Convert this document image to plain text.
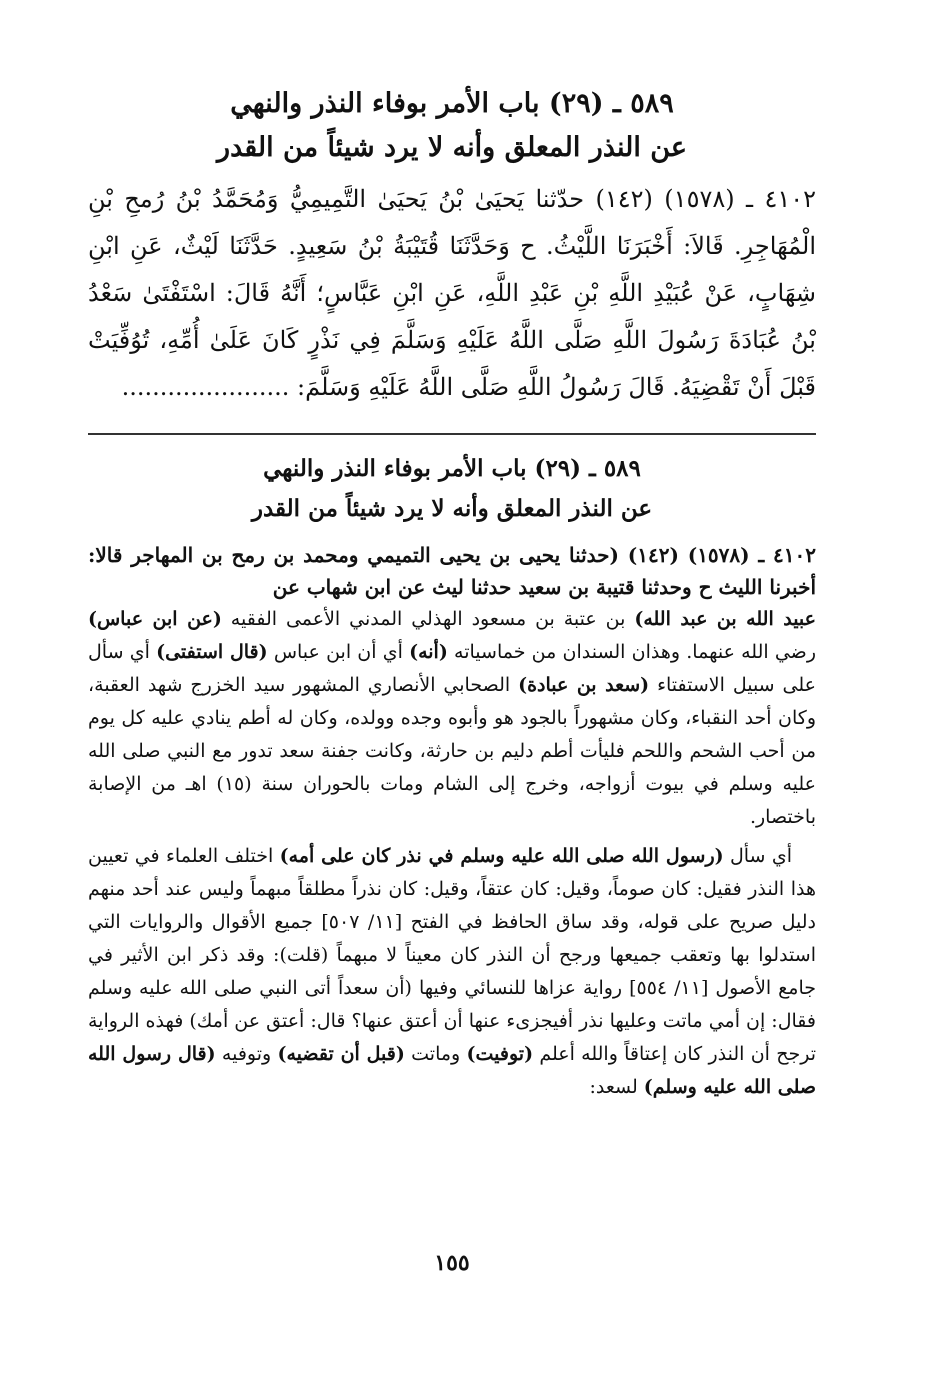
٥٨٩ ـ (٢٩) باب الأمر بوفاء النذر والنهي
عن النذر المعلق وأنه لا يرد شيئاً من القدر
٤١٠٢ ـ (١٥٧٨) (١٤٢) حدّثنا يَحيَىٰ بْنُ يَحيَىٰ التَّمِيمِيُّ وَمُحَمَّدُ بْنُ رُمحِ بْنِ الْمُهَاجِرِ. قَالاَ: أَخْبَرَنَا اللَّيْثُ. ح وَحَدَّثَنَا قُتَيْبَةُ بْنُ سَعِيدٍ. حَدَّثَنَا لَيْثٌ، عَنِ ابْنِ شِهَابٍ، عَنْ عُبَيْدِ اللَّهِ بْنِ عَبْدِ اللَّهِ، عَنِ ابْنِ عَبَّاسٍ؛ أَنَّهُ قَالَ: اسْتَفْتَىٰ سَعْدُ بْنُ عُبَادَةَ رَسُولَ اللَّهِ صَلَّى اللَّهُ عَلَيْهِ وَسَلَّمَ فِي نَذْرٍ كَانَ عَلَىٰ أُمِّهِ، تُوُفِّيَتْ قَبْلَ أَنْ تَقْضِيَهُ. قَالَ رَسُولُ اللَّهِ صَلَّى اللَّهُ عَلَيْهِ وَسَلَّمَ: ......................
٥٨٩ ـ (٢٩) باب الأمر بوفاء النذر والنهي
عن النذر المعلق وأنه لا يرد شيئاً من القدر
٤١٠٢ ـ (١٥٧٨) (١٤٢) (حدثنا يحيى بن يحيى التميمي ومحمد بن رمح بن المهاجر قالا: أخبرنا الليث ح وحدثنا قتيبة بن سعيد حدثنا ليث عن ابن شهاب عن
عبيد الله بن عبد الله) بن عتبة بن مسعود الهذلي المدني الأعمى الفقيه (عن ابن عباس) رضي الله عنهما. وهذان السندان من خماسياته (أنه) أي أن ابن عباس (قال استفتى) أي سأل على سبيل الاستفتاء (سعد بن عبادة) الصحابي الأنصاري المشهور سيد الخزرج شهد العقبة، وكان أحد النقباء، وكان مشهوراً بالجود هو وأبوه وجده وولده، وكان له أطم ينادي عليه كل يوم من أحب الشحم واللحم فليأت أطم دليم بن حارثة، وكانت جفنة سعد تدور مع النبي صلى الله عليه وسلم في بيوت أزواجه، وخرج إلى الشام ومات بالحوران سنة (١٥) اهـ من الإصابة باختصار.
أي سأل (رسول الله صلى الله عليه وسلم في نذر كان على أمه) اختلف العلماء في تعيين هذا النذر فقيل: كان صوماً، وقيل: كان عتقاً، وقيل: كان نذراً مطلقاً مبهماً وليس عند أحد منهم دليل صريح على قوله، وقد ساق الحافظ في الفتح [١١/ ٥٠٧] جميع الأقوال والروايات التي استدلوا بها وتعقب جميعها ورجح أن النذر كان معيناً لا مبهماً (قلت): وقد ذكر ابن الأثير في جامع الأصول [١١/ ٥٥٤] رواية عزاها للنسائي وفيها (أن سعداً أتى النبي صلى الله عليه وسلم فقال: إن أمي ماتت وعليها نذر أفيجزىء عنها أن أعتق عنها؟ قال: أعتق عن أمك) فهذه الرواية ترجح أن النذر كان إعتاقاً والله أعلم (توفيت) وماتت (قبل أن تقضيه) وتوفيه (قال رسول الله صلى الله عليه وسلم) لسعد:
١٥٥
